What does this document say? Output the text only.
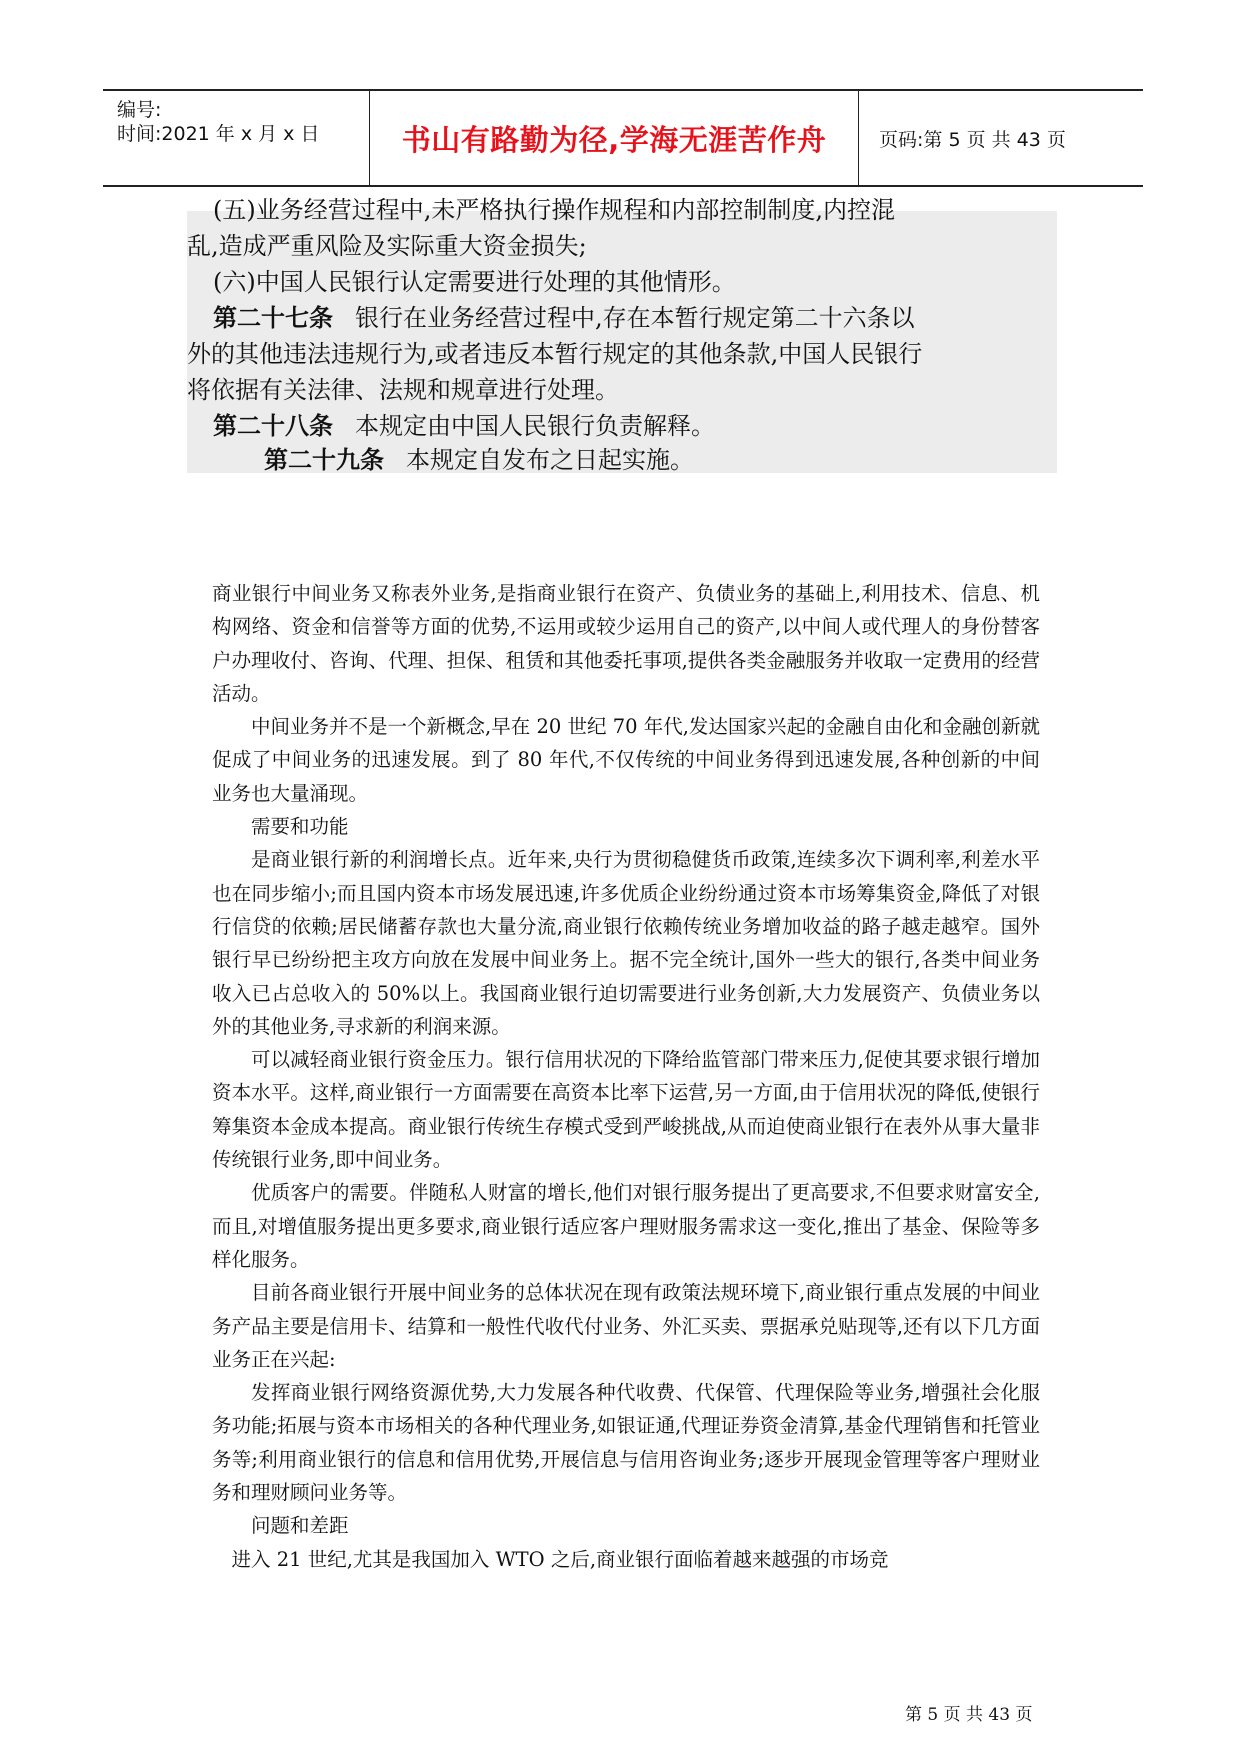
编号:
时间:2021 年 x 月 x 日	书山有路勤为径,学海无涯苦作舟	页码:第 5 页 共 43 页

(五)业务经营过程中,未严格执行操作规程和内部控制制度,内控混

乱,造成严重风险及实际重大资金损失;

(六)中国人民银行认定需要进行处理的其他情形。

第二十七条 银行在业务经营过程中,存在本暂行规定第二十六条以

外的其他违法违规行为,或者违反本暂行规定的其他条款,中国人民银行

将依据有关法律、法规和规章进行处理。

第二十八条 本规定由中国人民银行负责解释。

第二十九条 本规定自发布之日起实施。

商业银行中间业务又称表外业务,是指商业银行在资产、负债业务的基础上,利用技术、信息、机构网络、资金和信誉等方面的优势,不运用或较少运用自己的资产,以中间人或代理人的身份替客户办理收付、咨询、代理、担保、租赁和其他委托事项,提供各类金融服务并收取一定费用的经营活动。

中间业务并不是一个新概念,早在 20 世纪 70 年代,发达国家兴起的金融自由化和金融创新就促成了中间业务的迅速发展。到了 80 年代,不仅传统的中间业务得到迅速发展,各种创新的中间业务也大量涌现。

需要和功能

是商业银行新的利润增长点。近年来,央行为贯彻稳健货币政策,连续多次下调利率,利差水平也在同步缩小;而且国内资本市场发展迅速,许多优质企业纷纷通过资本市场筹集资金,降低了对银行信贷的依赖;居民储蓄存款也大量分流,商业银行依赖传统业务增加收益的路子越走越窄。国外银行早已纷纷把主攻方向放在发展中间业务上。据不完全统计,国外一些大的银行,各类中间业务收入已占总收入的 50%以上。我国商业银行迫切需要进行业务创新,大力发展资产、负债业务以外的其他业务,寻求新的利润来源。

可以减轻商业银行资金压力。银行信用状况的下降给监管部门带来压力,促使其要求银行增加资本水平。这样,商业银行一方面需要在高资本比率下运营,另一方面,由于信用状况的降低,使银行筹集资本金成本提高。商业银行传统生存模式受到严峻挑战,从而迫使商业银行在表外从事大量非传统银行业务,即中间业务。

优质客户的需要。伴随私人财富的增长,他们对银行服务提出了更高要求,不但要求财富安全,而且,对增值服务提出更多要求,商业银行适应客户理财服务需求这一变化,推出了基金、保险等多样化服务。

目前各商业银行开展中间业务的总体状况在现有政策法规环境下,商业银行重点发展的中间业务产品主要是信用卡、结算和一般性代收代付业务、外汇买卖、票据承兑贴现等,还有以下几方面业务正在兴起:

发挥商业银行网络资源优势,大力发展各种代收费、代保管、代理保险等业务,增强社会化服务功能;拓展与资本市场相关的各种代理业务,如银证通,代理证券资金清算,基金代理销售和托管业务等;利用商业银行的信息和信用优势,开展信息与信用咨询业务;逐步开展现金管理等客户理财业务和理财顾问业务等。

问题和差距

进入 21 世纪,尤其是我国加入 WTO 之后,商业银行面临着越来越强的市场竞

第 5 页 共 43 页
